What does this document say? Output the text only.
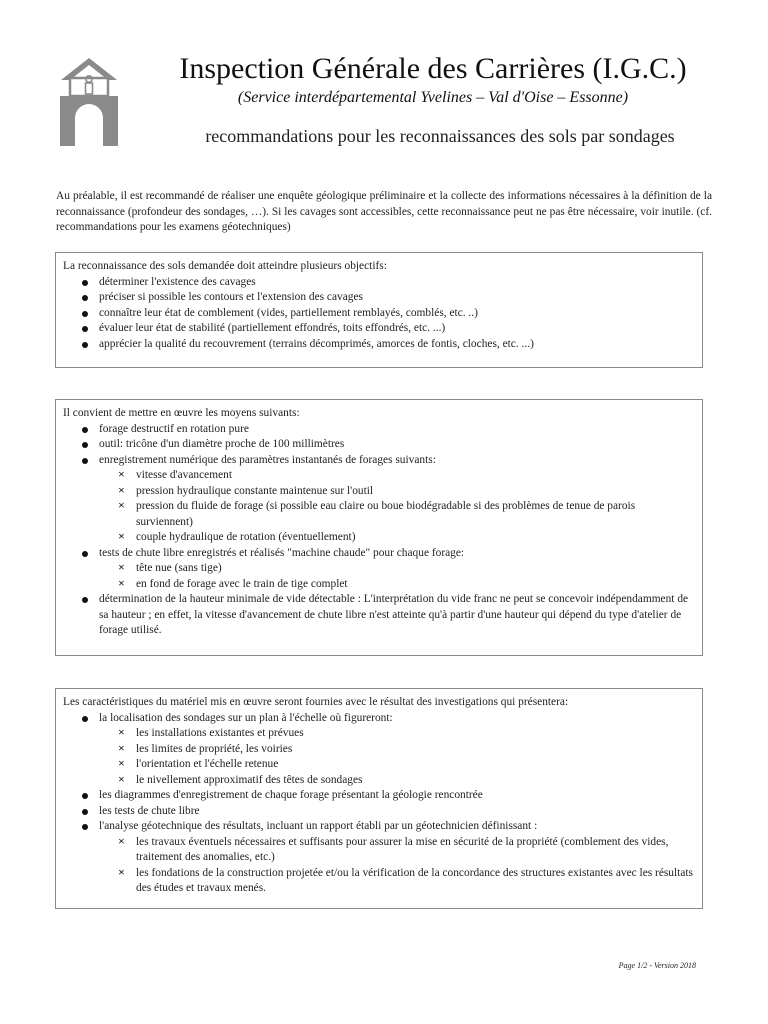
Inspection Générale des Carrières (I.G.C.)
(Service interdépartemental Yvelines – Val d'Oise – Essonne)
recommandations pour les reconnaissances des sols par sondages

Au préalable, il est recommandé de réaliser une enquête géologique préliminaire et la collecte des informations nécessaires à la définition de la reconnaissance (profondeur des sondages, …). Si les cavages sont accessibles, cette reconnaissance peut ne pas être nécessaire, voir inutile. (cf. recommandations pour les examens géotechniques)

La reconnaissance des sols demandée doit atteindre plusieurs objectifs:

déterminer l'existence des cavages
préciser si possible les contours et l'extension des cavages
connaître leur état de comblement (vides, partiellement remblayés, comblés, etc. ..)
évaluer leur état de stabilité (partiellement effondrés, toits effondrés, etc. ...)
apprécier la qualité du recouvrement (terrains décomprimés, amorces de fontis, cloches, etc. ...)

Il convient de mettre en œuvre les moyens suivants:

forage destructif en rotation pure
outil: tricône d'un diamètre proche de 100 millimètres
enregistrement numérique des paramètres instantanés de forages suivants:
× vitesse d'avancement
× pression hydraulique constante maintenue sur l'outil
× pression du fluide de forage (si possible eau claire ou boue biodégradable si des problèmes de tenue de parois surviennent)
× couple hydraulique de rotation (éventuellement)
tests de chute libre enregistrés et réalisés "machine chaude" pour chaque forage:
× tête nue (sans tige)
× en fond de forage avec le train de tige complet
détermination de la hauteur minimale de vide détectable : L'interprétation du vide franc ne peut se concevoir indépendamment de sa hauteur ; en effet, la vitesse d'avancement de chute libre n'est atteinte qu'à partir d'une hauteur qui dépend du type d'atelier de forage utilisé.

Les caractéristiques du matériel mis en œuvre seront fournies avec le résultat des investigations qui présentera:

la localisation des sondages sur un plan à l'échelle où figureront:
× les installations existantes et prévues
× les limites de propriété, les voiries
× l'orientation et l'échelle retenue
× le nivellement approximatif des têtes de sondages
les diagrammes d'enregistrement de chaque forage présentant la géologie rencontrée
les tests de chute libre
l'analyse géotechnique des résultats, incluant un rapport établi par un géotechnicien définissant :
× les travaux éventuels nécessaires et suffisants pour assurer la mise en sécurité de la propriété (comblement des vides, traitement des anomalies, etc.)
× les fondations de la construction projetée et/ou la vérification de la concordance des structures existantes avec les résultats des études et travaux menés.
Page 1/2 - Version 2018
